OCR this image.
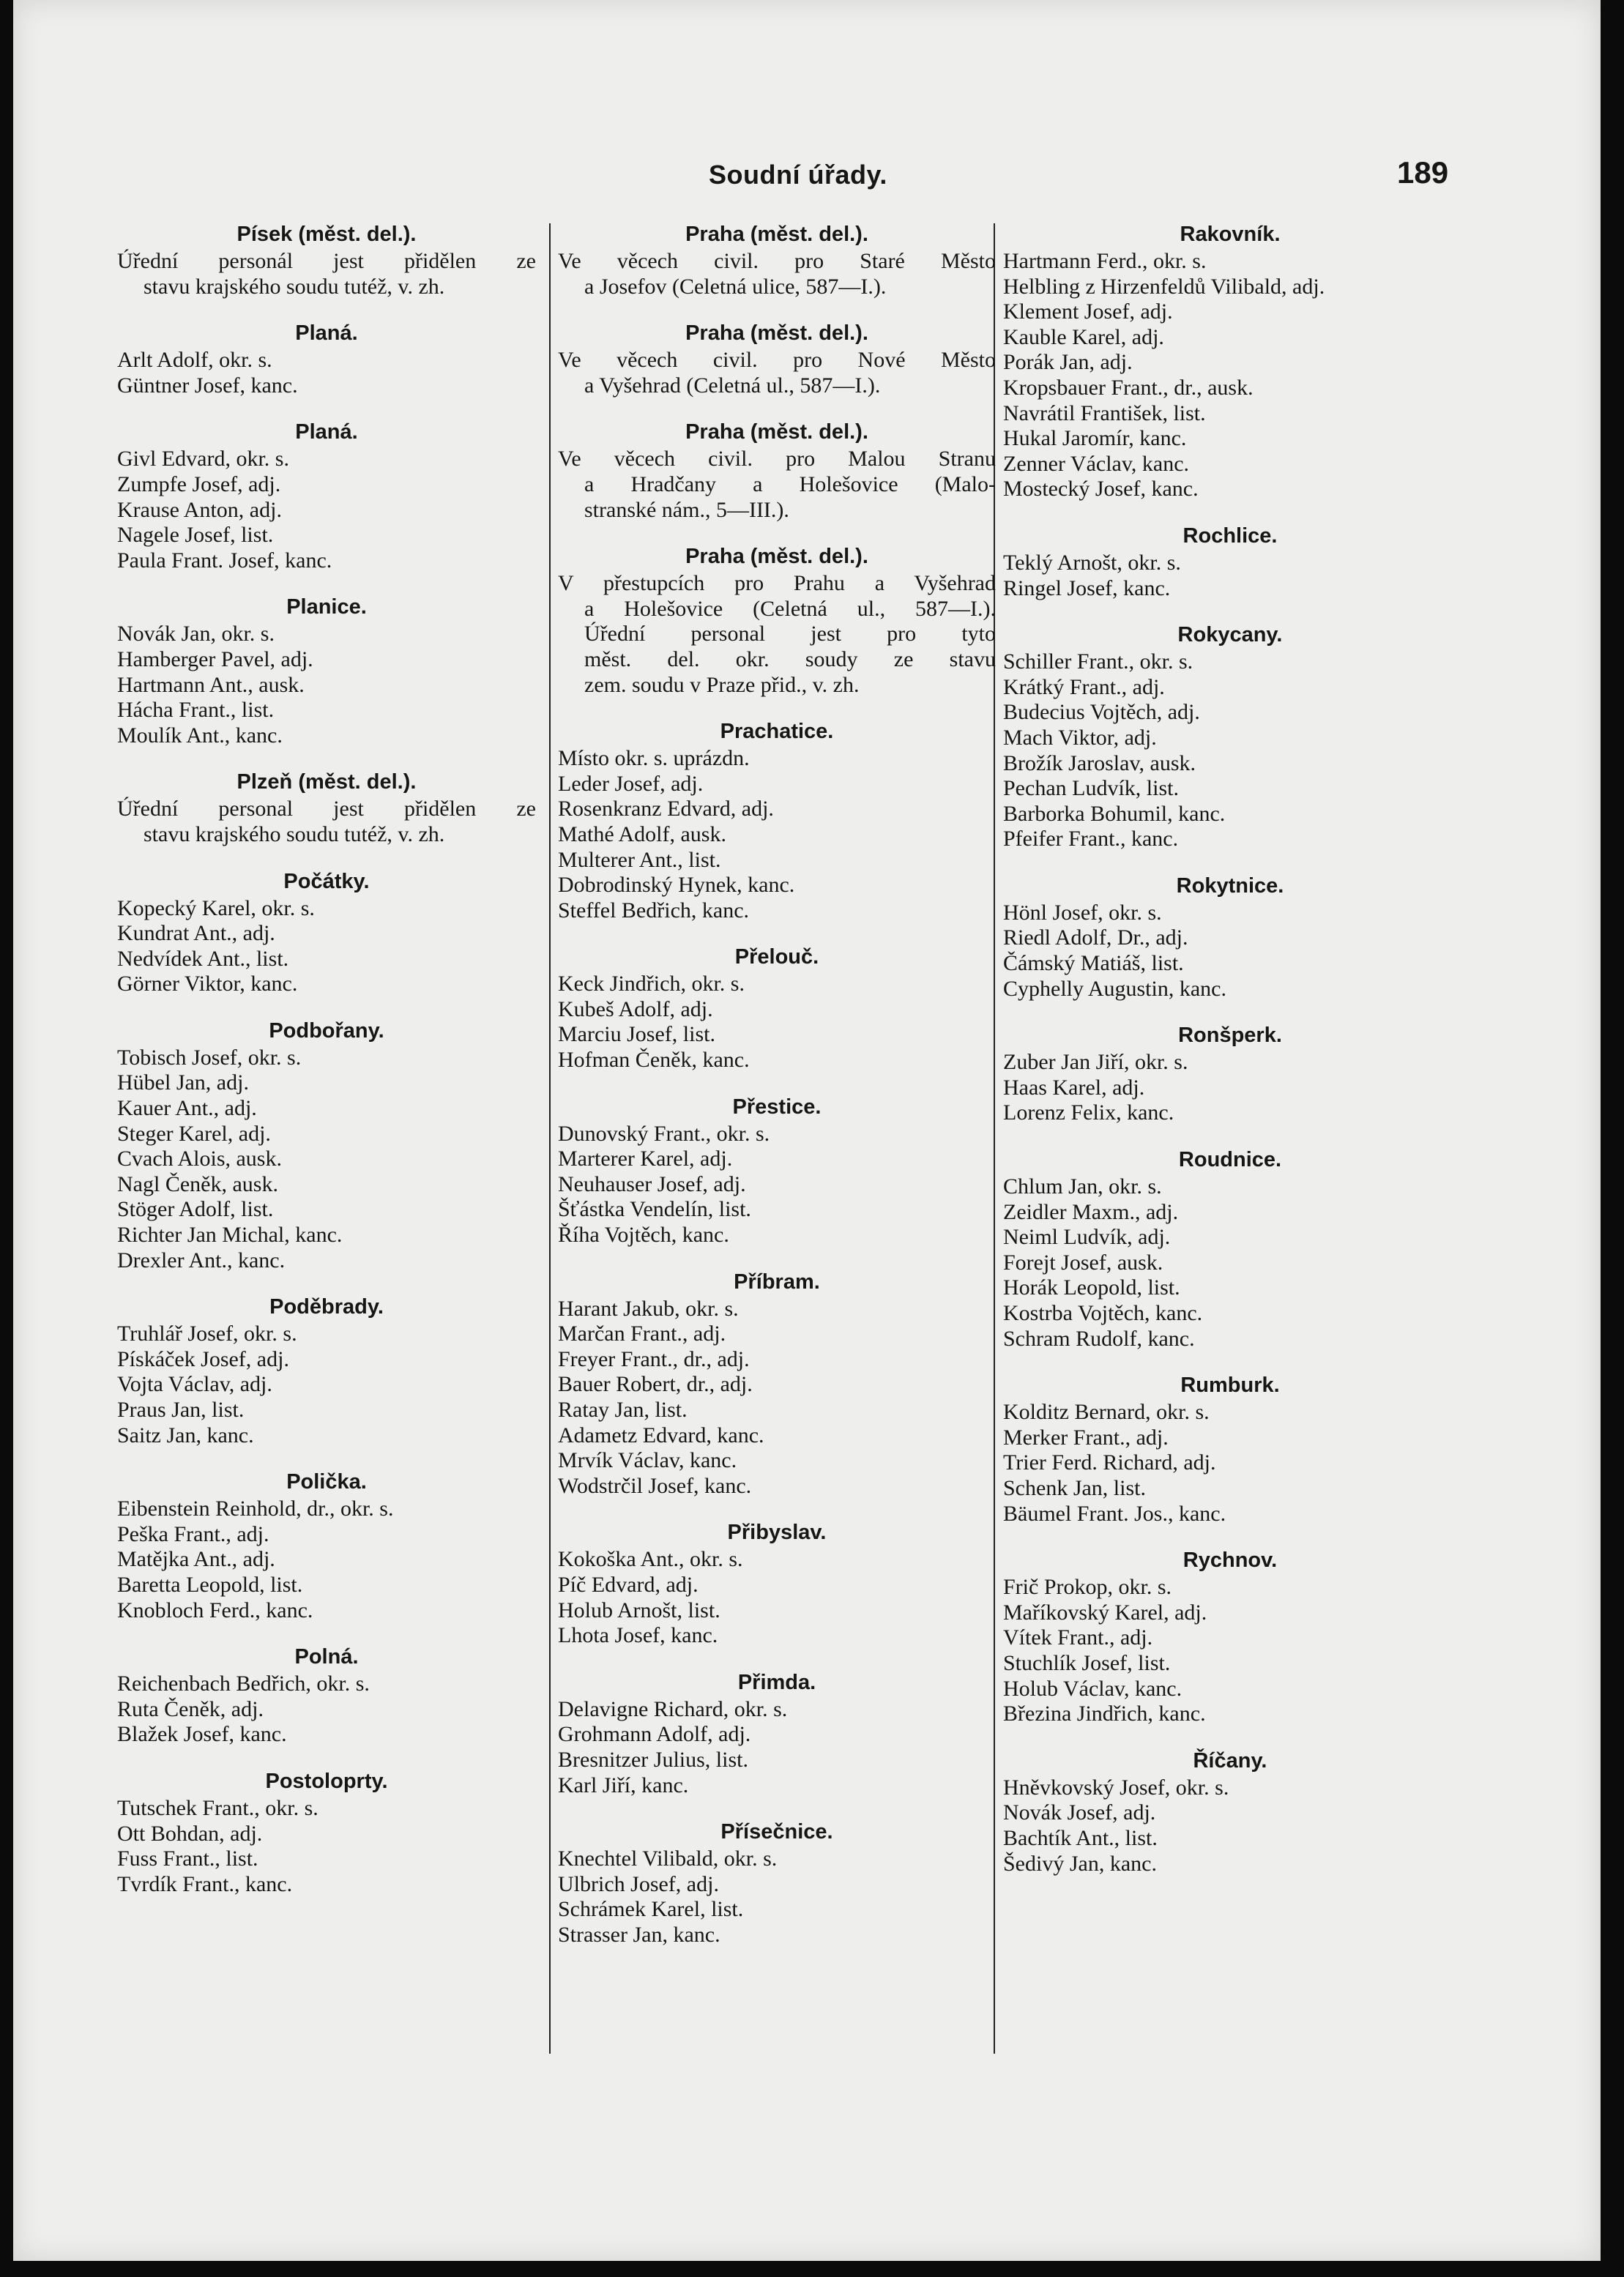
Soudní úřady.	189
Písek (měst. del.).
Úřední personál jest přidělen ze
stavu krajského soudu tutéž, v. zh.
Planá.
Arlt Adolf, okr. s.
Güntner Josef, kanc.
Planá.
Givl Edvard, okr. s.
Zumpfe Josef, adj.
Krause Anton, adj.
Nagele Josef, list.
Paula Frant. Josef, kanc.
Planice.
Novák Jan, okr. s.
Hamberger Pavel, adj.
Hartmann Ant., ausk.
Hácha Frant., list.
Moulík Ant., kanc.
Plzeň (měst. del.).
Úřední personal jest přidělen ze
stavu krajského soudu tutéž, v. zh.
Počátky.
Kopecký Karel, okr. s.
Kundrat Ant., adj.
Nedvídek Ant., list.
Görner Viktor, kanc.
Podbořany.
Tobisch Josef, okr. s.
Hübel Jan, adj.
Kauer Ant., adj.
Steger Karel, adj.
Cvach Alois, ausk.
Nagl Čeněk, ausk.
Stöger Adolf, list.
Richter Jan Michal, kanc.
Drexler Ant., kanc.
Poděbrady.
Truhlář Josef, okr. s.
Pískáček Josef, adj.
Vojta Václav, adj.
Praus Jan, list.
Saitz Jan, kanc.
Polička.
Eibenstein Reinhold, dr., okr. s.
Peška Frant., adj.
Matějka Ant., adj.
Baretta Leopold, list.
Knobloch Ferd., kanc.
Polná.
Reichenbach Bedřich, okr. s.
Ruta Čeněk, adj.
Blažek Josef, kanc.
Postoloprty.
Tutschek Frant., okr. s.
Ott Bohdan, adj.
Fuss Frant., list.
Tvrdík Frant., kanc.
Praha (měst. del.).
Ve věcech civil. pro Staré Město
a Josefov (Celetná ulice, 587—I.).
Praha (měst. del.).
Ve věcech civil. pro Nové Město
a Vyšehrad (Celetná ul., 587—I.).
Praha (měst. del.).
Ve věcech civil. pro Malou Stranu
a Hradčany a Holešovice (Malo-
stranské nám., 5—III.).
Praha (měst. del.).
V přestupcích pro Prahu a Vyšehrad
a Holešovice (Celetná ul., 587—I.).
Úřední personal jest pro tyto
měst. del. okr. soudy ze stavu
zem. soudu v Praze přid., v. zh.
Prachatice.
Místo okr. s. uprázdn.
Leder Josef, adj.
Rosenkranz Edvard, adj.
Mathé Adolf, ausk.
Multerer Ant., list.
Dobrodinský Hynek, kanc.
Steffel Bedřich, kanc.
Přelouč.
Keck Jindřich, okr. s.
Kubeš Adolf, adj.
Marciu Josef, list.
Hofman Čeněk, kanc.
Přestice.
Dunovský Frant., okr. s.
Marterer Karel, adj.
Neuhauser Josef, adj.
Šťástka Vendelín, list.
Říha Vojtěch, kanc.
Příbram.
Harant Jakub, okr. s.
Marčan Frant., adj.
Freyer Frant., dr., adj.
Bauer Robert, dr., adj.
Ratay Jan, list.
Adametz Edvard, kanc.
Mrvík Václav, kanc.
Wodstrčil Josef, kanc.
Přibyslav.
Kokoška Ant., okr. s.
Píč Edvard, adj.
Holub Arnošt, list.
Lhota Josef, kanc.
Přimda.
Delavigne Richard, okr. s.
Grohmann Adolf, adj.
Bresnitzer Julius, list.
Karl Jiří, kanc.
Přísečnice.
Knechtel Vilibald, okr. s.
Ulbrich Josef, adj.
Schrámek Karel, list.
Strasser Jan, kanc.
Rakovník.
Hartmann Ferd., okr. s.
Helbling z Hirzenfeldů Vilibald, adj.
Klement Josef, adj.
Kauble Karel, adj.
Porák Jan, adj.
Kropsbauer Frant., dr., ausk.
Navrátil František, list.
Hukal Jaromír, kanc.
Zenner Václav, kanc.
Mostecký Josef, kanc.
Rochlice.
Teklý Arnošt, okr. s.
Ringel Josef, kanc.
Rokycany.
Schiller Frant., okr. s.
Krátký Frant., adj.
Budecius Vojtěch, adj.
Mach Viktor, adj.
Brožík Jaroslav, ausk.
Pechan Ludvík, list.
Barborka Bohumil, kanc.
Pfeifer Frant., kanc.
Rokytnice.
Hönl Josef, okr. s.
Riedl Adolf, Dr., adj.
Čámský Matiáš, list.
Cyphelly Augustin, kanc.
Ronšperk.
Zuber Jan Jiří, okr. s.
Haas Karel, adj.
Lorenz Felix, kanc.
Roudnice.
Chlum Jan, okr. s.
Zeidler Maxm., adj.
Neiml Ludvík, adj.
Forejt Josef, ausk.
Horák Leopold, list.
Kostrba Vojtěch, kanc.
Schram Rudolf, kanc.
Rumburk.
Kolditz Bernard, okr. s.
Merker Frant., adj.
Trier Ferd. Richard, adj.
Schenk Jan, list.
Bäumel Frant. Jos., kanc.
Rychnov.
Frič Prokop, okr. s.
Maříkovský Karel, adj.
Vítek Frant., adj.
Stuchlík Josef, list.
Holub Václav, kanc.
Březina Jindřich, kanc.
Říčany.
Hněvkovský Josef, okr. s.
Novák Josef, adj.
Bachtík Ant., list.
Šedivý Jan, kanc.
